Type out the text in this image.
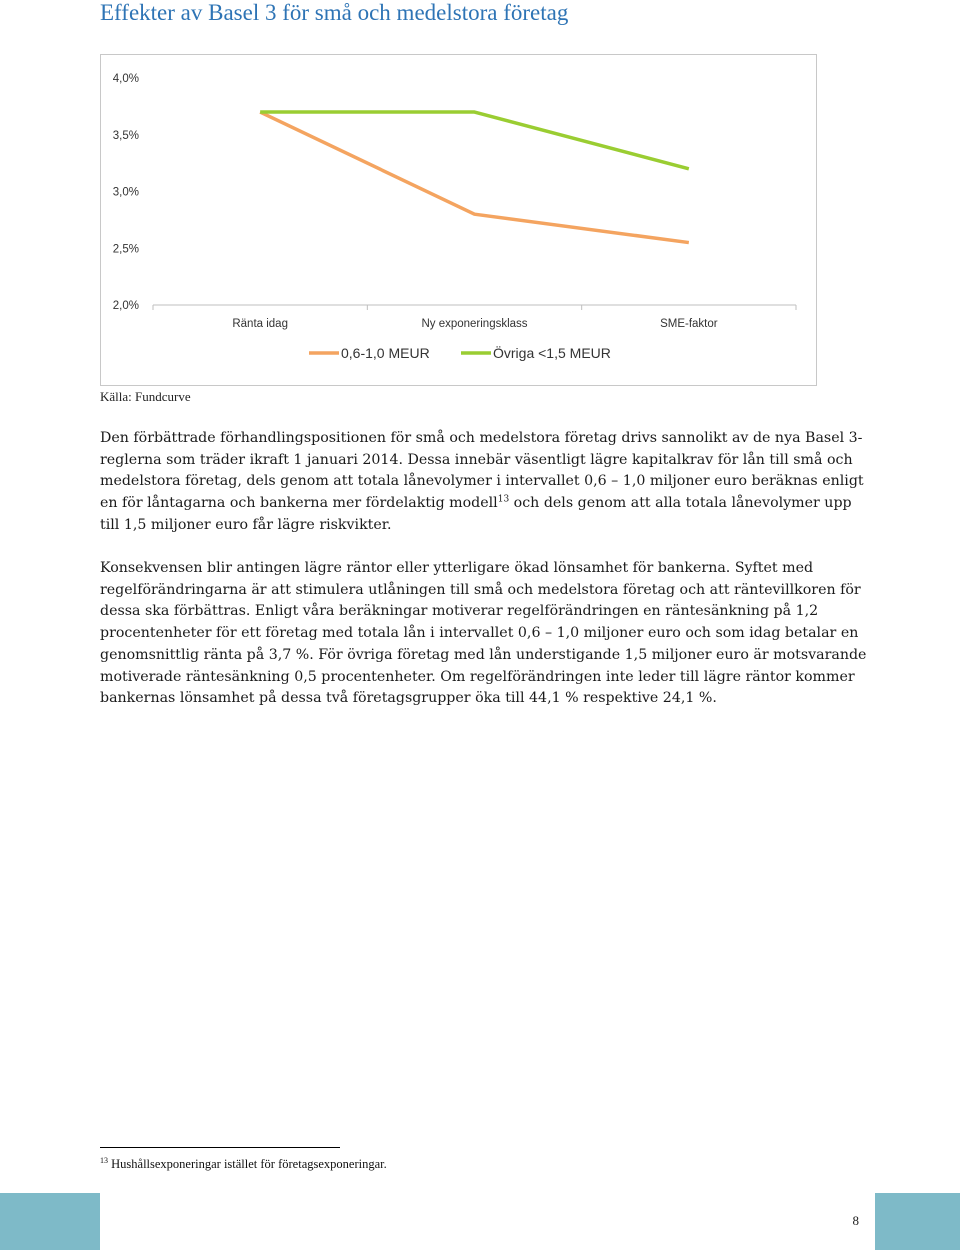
Effekter av Basel 3 för små och medelstora företag
2,0%
2,5%
3,0%
3,5%
4,0%
Ränta idag	Ny exponeringsklass	SME-faktor
0,6-1,0 MEUR	Övriga <1,5 MEUR
Källa: Fundcurve

Den förbättrade förhandlingspositionen för små och medelstora företag drivs sannolikt av de nya Basel 3-reglerna som träder ikraft 1 januari 2014. Dessa innebär väsentligt lägre kapitalkrav för lån till små och medelstora företag, dels genom att totala lånevolymer i intervallet 0,6 – 1,0 miljoner euro beräknas enligt en för låntagarna och bankerna mer fördelaktig modell$^{13}$ och dels genom att alla totala lånevolymer upp till 1,5 miljoner euro får lägre riskvikter.

Konsekvensen blir antingen lägre räntor eller ytterligare ökad lönsamhet för bankerna. Syftet med regelförändringarna är att stimulera utlåningen till små och medelstora företag och att räntevillkoren för dessa ska förbättras. Enligt våra beräkningar motiverar regelförändringen en räntesänkning på 1,2 procentenheter för ett företag med totala lån i intervallet 0,6 – 1,0 miljoner euro och som idag betalar en genomsnittlig ränta på 3,7 %. För övriga företag med lån understigande 1,5 miljoner euro är motsvarande motiverade räntesänkning 0,5 procentenheter. Om regelförändringen inte leder till lägre räntor kommer bankernas lönsamhet på dessa två företagsgrupper öka till 44,1 % respektive 24,1 %.

$^{13}$ Hushållsexponeringar istället för företagsexponeringar.
8
